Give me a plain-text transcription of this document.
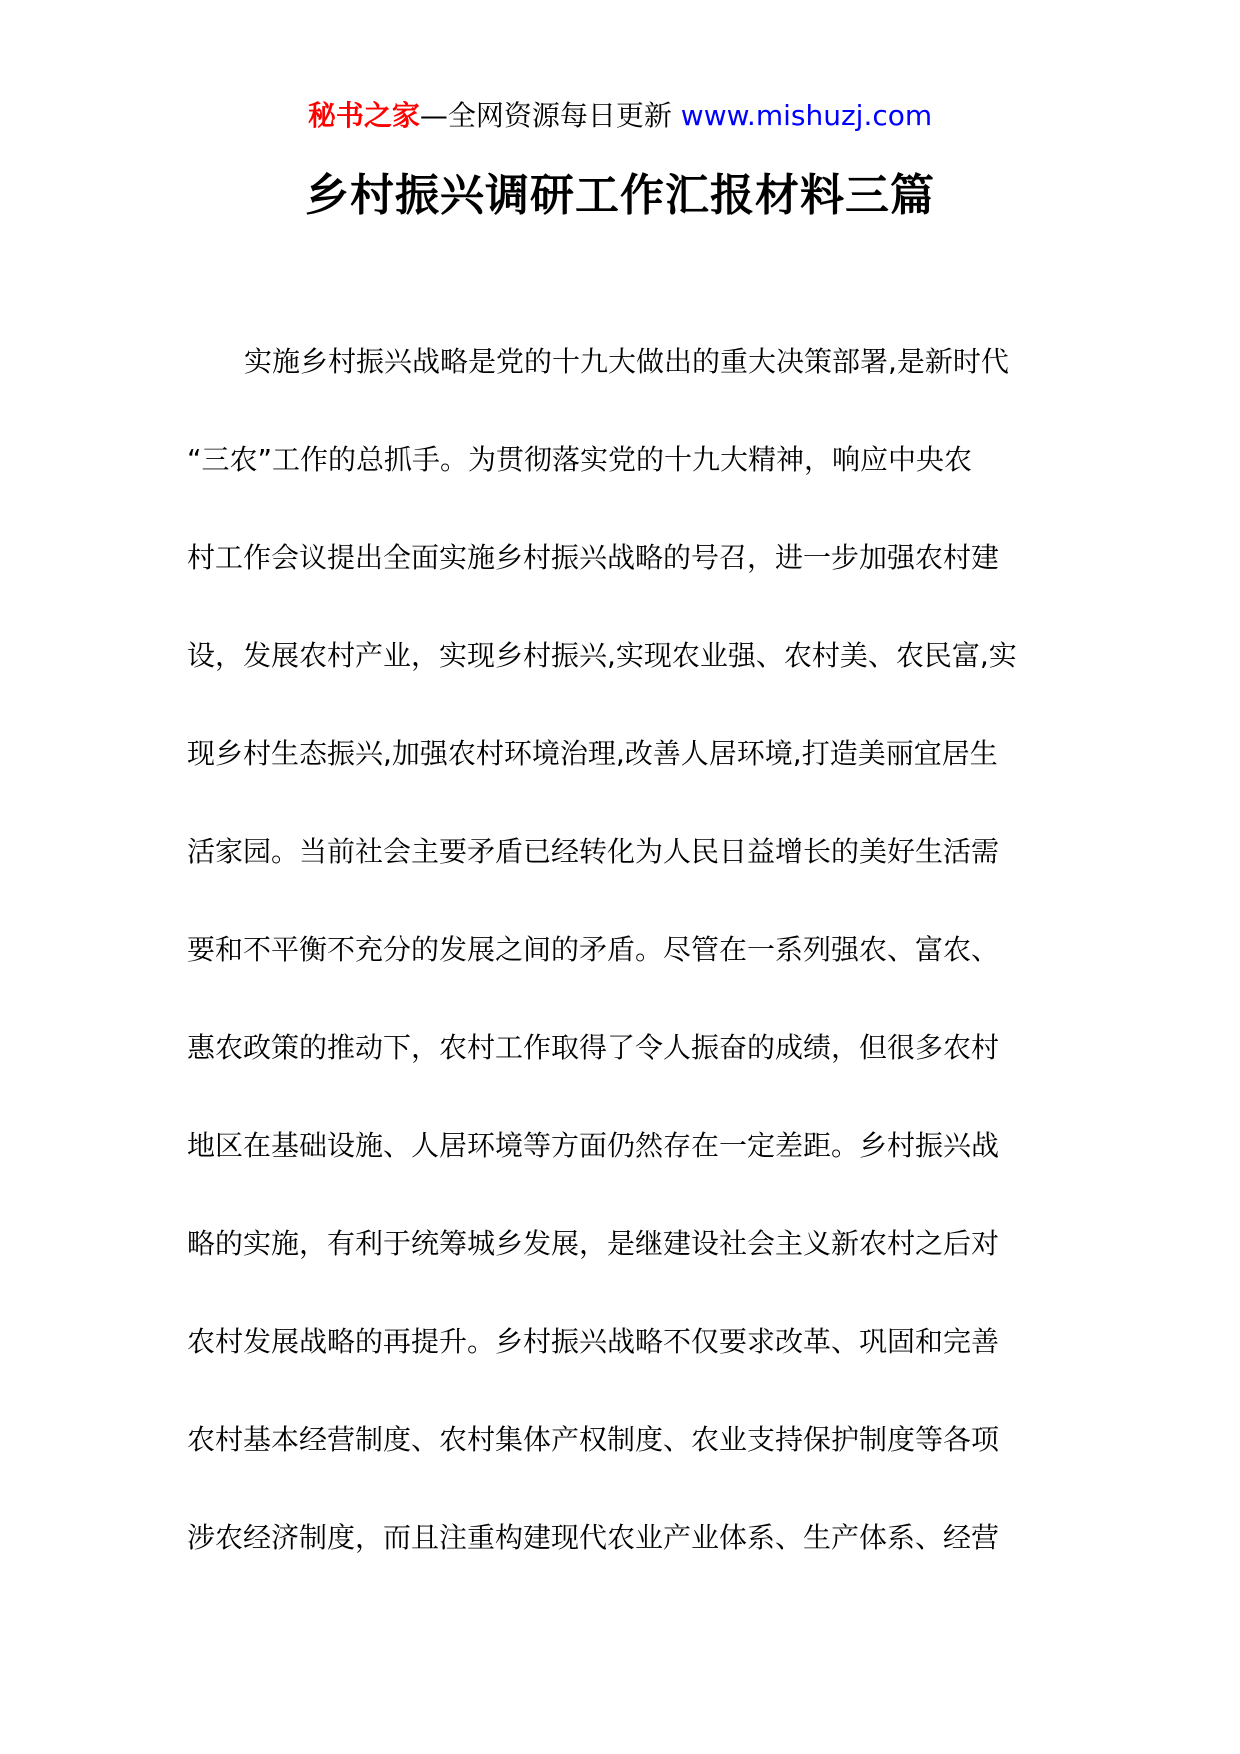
秘书之家—全网资源每日更新 www.mishuzj.com
乡村振兴调研工作汇报材料三篇
实施乡村振兴战略是党的十九大做出的重大决策部署,是新时代
“三农”工作的总抓手。为贯彻落实党的十九大精神，响应中央农
村工作会议提出全面实施乡村振兴战略的号召，进一步加强农村建
设，发展农村产业，实现乡村振兴,实现农业强、农村美、农民富,实
现乡村生态振兴,加强农村环境治理,改善人居环境,打造美丽宜居生
活家园。当前社会主要矛盾已经转化为人民日益增长的美好生活需
要和不平衡不充分的发展之间的矛盾。尽管在一系列强农、富农、
惠农政策的推动下，农村工作取得了令人振奋的成绩，但很多农村
地区在基础设施、人居环境等方面仍然存在一定差距。乡村振兴战
略的实施，有利于统筹城乡发展，是继建设社会主义新农村之后对
农村发展战略的再提升。乡村振兴战略不仅要求改革、巩固和完善
农村基本经营制度、农村集体产权制度、农业支持保护制度等各项
涉农经济制度，而且注重构建现代农业产业体系、生产体系、经营
